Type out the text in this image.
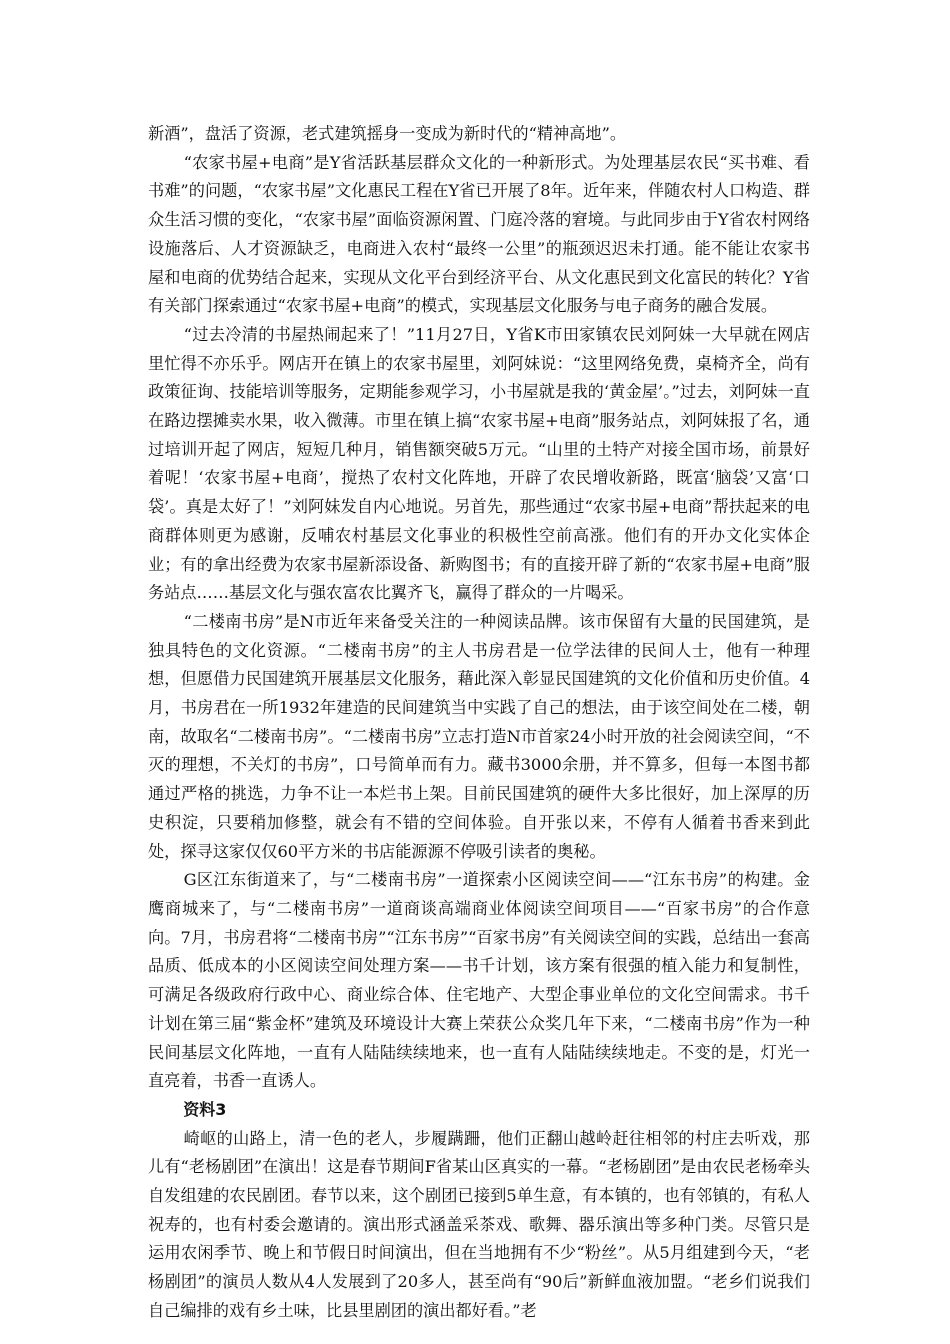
新酒”，盘活了资源，老式建筑摇身一变成为新时代的“精神高地”。

“农家书屋+电商”是Y省活跃基层群众文化的一种新形式。为处理基层农民“买书难、看书难”的问题，“农家书屋”文化惠民工程在Y省已开展了8年。近年来，伴随农村人口构造、群众生活习惯的变化，“农家书屋”面临资源闲置、门庭冷落的窘境。与此同步由于Y省农村网络设施落后、人才资源缺乏，电商进入农村“最终一公里”的瓶颈迟迟未打通。能不能让农家书屋和电商的优势结合起来，实现从文化平台到经济平台、从文化惠民到文化富民的转化？Y省有关部门探索通过“农家书屋+电商”的模式，实现基层文化服务与电子商务的融合发展。

“过去冷清的书屋热闹起来了！”11月27日，Y省K市田家镇农民刘阿妹一大早就在网店里忙得不亦乐乎。网店开在镇上的农家书屋里，刘阿妹说：“这里网络免费，桌椅齐全，尚有政策征询、技能培训等服务，定期能参观学习，小书屋就是我的‘黄金屋’。”过去，刘阿妹一直在路边摆摊卖水果，收入微薄。市里在镇上搞“农家书屋+电商”服务站点，刘阿妹报了名，通过培训开起了网店，短短几种月，销售额突破5万元。“山里的土特产对接全国市场，前景好着呢！‘农家书屋+电商’，搅热了农村文化阵地，开辟了农民增收新路，既富‘脑袋’又富‘口袋’。真是太好了！”刘阿妹发自内心地说。另首先，那些通过“农家书屋+电商”帮扶起来的电商群体则更为感谢，反哺农村基层文化事业的积极性空前高涨。他们有的开办文化实体企业；有的拿出经费为农家书屋新添设备、新购图书；有的直接开辟了新的“农家书屋+电商”服务站点……基层文化与强农富农比翼齐飞，赢得了群众的一片喝采。

“二楼南书房”是N市近年来备受关注的一种阅读品牌。该市保留有大量的民国建筑，是独具特色的文化资源。“二楼南书房”的主人书房君是一位学法律的民间人士，他有一种理想，但愿借力民国建筑开展基层文化服务，藉此深入彰显民国建筑的文化价值和历史价值。4月，书房君在一所1932年建造的民间建筑当中实践了自己的想法，由于该空间处在二楼，朝南，故取名“二楼南书房”。“二楼南书房”立志打造N市首家24小时开放的社会阅读空间，“不灭的理想，不关灯的书房”，口号简单而有力。藏书3000余册，并不算多，但每一本图书都通过严格的挑选，力争不让一本烂书上架。目前民国建筑的硬件大多比很好，加上深厚的历史积淀，只要稍加修整，就会有不错的空间体验。自开张以来，不停有人循着书香来到此处，探寻这家仅仅60平方米的书店能源源不停吸引读者的奥秘。

G区江东街道来了，与“二楼南书房”一道探索小区阅读空间——“江东书房”的构建。金鹰商城来了，与“二楼南书房”一道商谈高端商业体阅读空间项目——“百家书房”的合作意向。7月，书房君将“二楼南书房”“江东书房”“百家书房”有关阅读空间的实践，总结出一套高品质、低成本的小区阅读空间处理方案——书千计划，该方案有很强的植入能力和复制性，可满足各级政府行政中心、商业综合体、住宅地产、大型企事业单位的文化空间需求。书千计划在第三届“紫金杯”建筑及环境设计大赛上荣获公众奖几年下来，“二楼南书房”作为一种民间基层文化阵地，一直有人陆陆续续地来，也一直有人陆陆续续地走。不变的是，灯光一直亮着，书香一直诱人。

资料3

崎岖的山路上，清一色的老人，步履蹒跚，他们正翻山越岭赶往相邻的村庄去听戏，那儿有“老杨剧团”在演出！这是春节期间F省某山区真实的一幕。“老杨剧团”是由农民老杨牵头自发组建的农民剧团。春节以来，这个剧团已接到5单生意，有本镇的，也有邻镇的，有私人祝寿的，也有村委会邀请的。演出形式涵盖采茶戏、歌舞、器乐演出等多种门类。尽管只是运用农闲季节、晚上和节假日时间演出，但在当地拥有不少“粉丝”。从5月组建到今天，“老杨剧团”的演员人数从4人发展到了20多人，甚至尚有“90后”新鲜血液加盟。“老乡们说我们自己编排的戏有乡土味，比县里剧团的演出都好看。”老
